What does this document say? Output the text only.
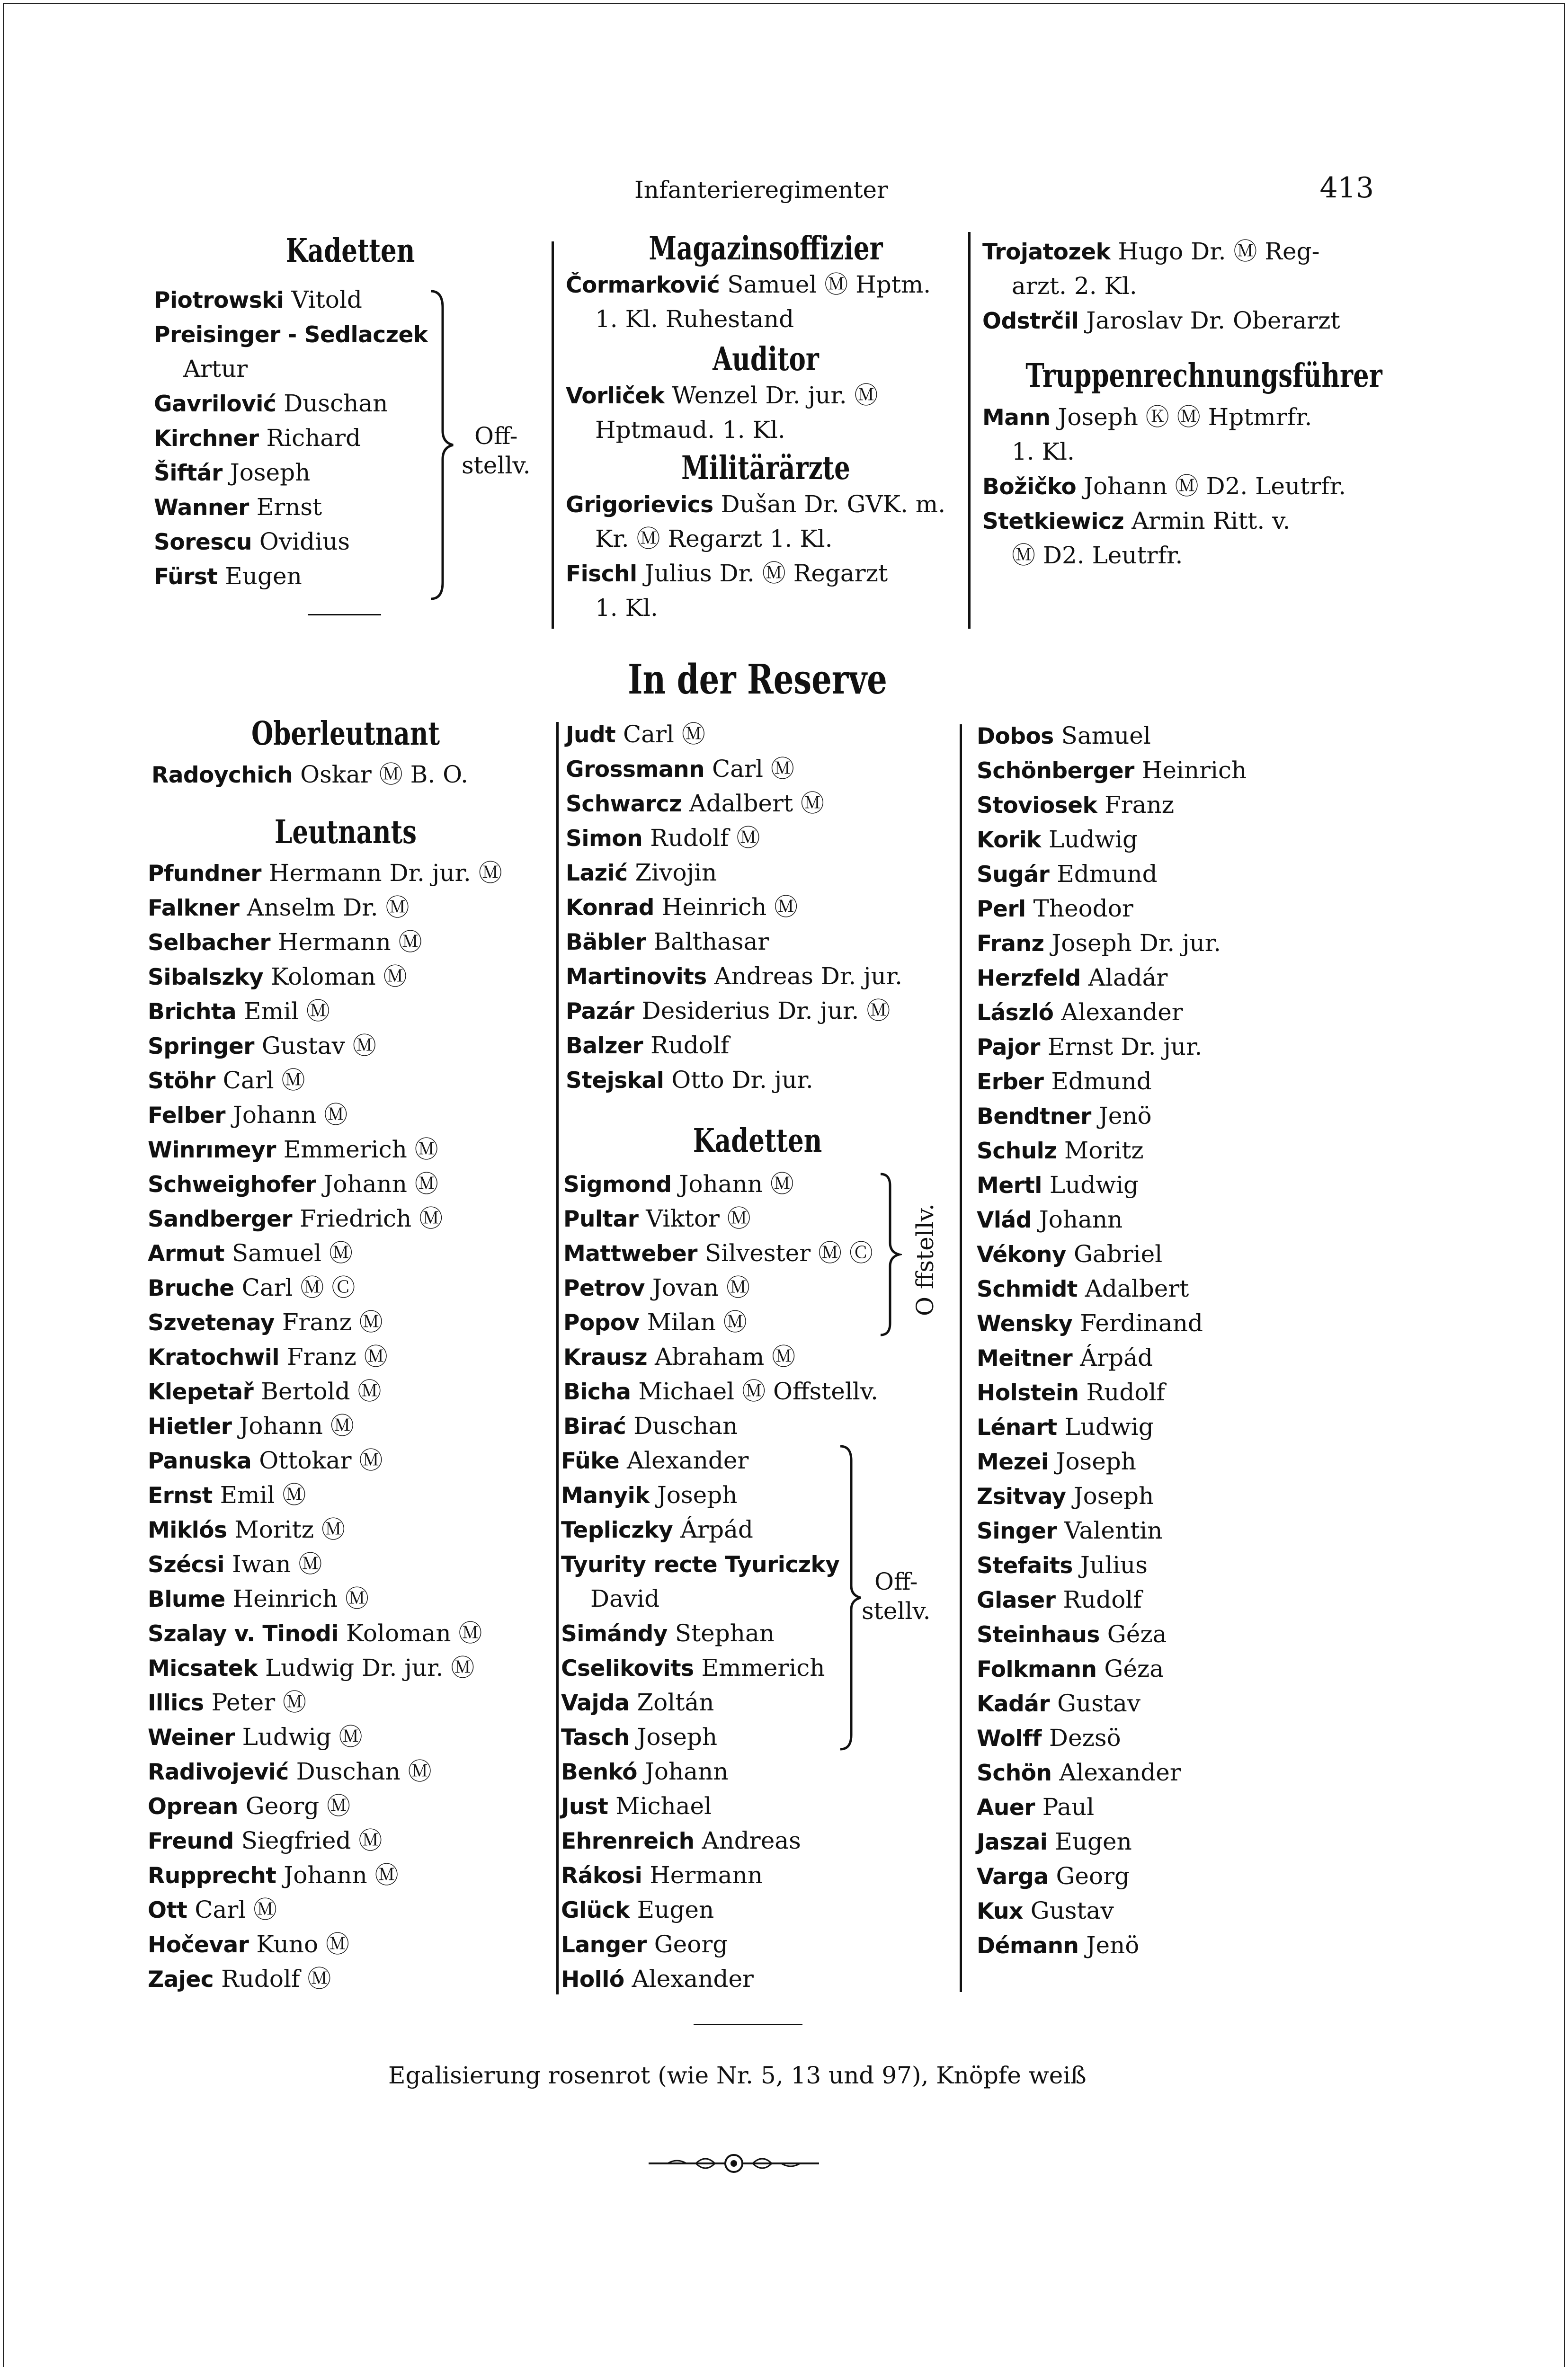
Infanterieregimenter	413
Kadetten
Piotrowski Vitold
Preisinger - Sedlaczek
Artur
Gavrilović Duschan
Kirchner Richard
Šiftár Joseph
Wanner Ernst
Sorescu Ovidius
Fürst Eugen
Off-
stellv.
Magazinsoffizier
Čormarković Samuel Ⓜ Hptm.
1. Kl. Ruhestand
Auditor
Vorliček Wenzel Dr. jur. Ⓜ
Hptmaud. 1. Kl.
Militärärzte
Grigorievics Dušan Dr. GVK. m.
Kr. Ⓜ Regarzt 1. Kl.
Fischl Julius Dr. Ⓜ Regarzt
1. Kl.
Trojatozek Hugo Dr. Ⓜ Reg-
arzt. 2. Kl.
Odstrčil Jaroslav Dr. Oberarzt
Truppenrechnungsführer
Mann Joseph Ⓚ Ⓜ Hptmrfr.
1. Kl.
Božičko Johann Ⓜ D2. Leutrfr.
Stetkiewicz Armin Ritt. v.
Ⓜ D2. Leutrfr.
In der Reserve
Oberleutnant
Radoychich Oskar Ⓜ B. O.
Leutnants
Pfundner Hermann Dr. jur. Ⓜ
Falkner Anselm Dr. Ⓜ
Selbacher Hermann Ⓜ
Sibalszky Koloman Ⓜ
Brichta Emil Ⓜ
Springer Gustav Ⓜ
Stöhr Carl Ⓜ
Felber Johann Ⓜ
Winrımeyr Emmerich Ⓜ
Schweighofer Johann Ⓜ
Sandberger Friedrich Ⓜ
Armut Samuel Ⓜ
Bruche Carl Ⓜ Ⓒ
Szvetenay Franz Ⓜ
Kratochwil Franz Ⓜ
Klepetař Bertold Ⓜ
Hietler Johann Ⓜ
Panuska Ottokar Ⓜ
Ernst Emil Ⓜ
Miklós Moritz Ⓜ
Szécsi Iwan Ⓜ
Blume Heinrich Ⓜ
Szalay v. Tinodi Koloman Ⓜ
Micsatek Ludwig Dr. jur. Ⓜ
Illics Peter Ⓜ
Weiner Ludwig Ⓜ
Radivojević Duschan Ⓜ
Oprean Georg Ⓜ
Freund Siegfried Ⓜ
Rupprecht Johann Ⓜ
Ott Carl Ⓜ
Hočevar Kuno Ⓜ
Zajec Rudolf Ⓜ
Judt Carl Ⓜ
Grossmann Carl Ⓜ
Schwarcz Adalbert Ⓜ
Simon Rudolf Ⓜ
Lazić Zivojin
Konrad Heinrich Ⓜ
Bäbler Balthasar
Martinovits Andreas Dr. jur.
Pazár Desiderius Dr. jur. Ⓜ
Balzer Rudolf
Stejskal Otto Dr. jur.
Kadetten
Sigmond Johann Ⓜ
Pultar Viktor Ⓜ
Mattweber Silvester Ⓜ Ⓒ
Petrov Jovan Ⓜ
Popov Milan Ⓜ
O ffstellv.
Krausz Abraham Ⓜ
Bicha Michael Ⓜ Offstellv.
Birać Duschan
Füke Alexander
Manyik Joseph
Tepliczky Árpád
Tyurity recte Tyuriczky
David
Simándy Stephan
Cselikovits Emmerich
Vajda Zoltán
Tasch Joseph
Off-
stellv.
Benkó Johann
Just Michael
Ehrenreich Andreas
Rákosi Hermann
Glück Eugen
Langer Georg
Holló Alexander
Dobos Samuel
Schönberger Heinrich
Stoviosek Franz
Korik Ludwig
Sugár Edmund
Perl Theodor
Franz Joseph Dr. jur.
Herzfeld Aladár
László Alexander
Pajor Ernst Dr. jur.
Erber Edmund
Bendtner Jenö
Schulz Moritz
Mertl Ludwig
Vlád Johann
Vékony Gabriel
Schmidt Adalbert
Wensky Ferdinand
Meitner Árpád
Holstein Rudolf
Lénart Ludwig
Mezei Joseph
Zsitvay Joseph
Singer Valentin
Stefaits Julius
Glaser Rudolf
Steinhaus Géza
Folkmann Géza
Kadár Gustav
Wolff Dezsö
Schön Alexander
Auer Paul
Jaszai Eugen
Varga Georg
Kux Gustav
Démann Jenö
Egalisierung rosenrot (wie Nr. 5, 13 und 97), Knöpfe weiß
